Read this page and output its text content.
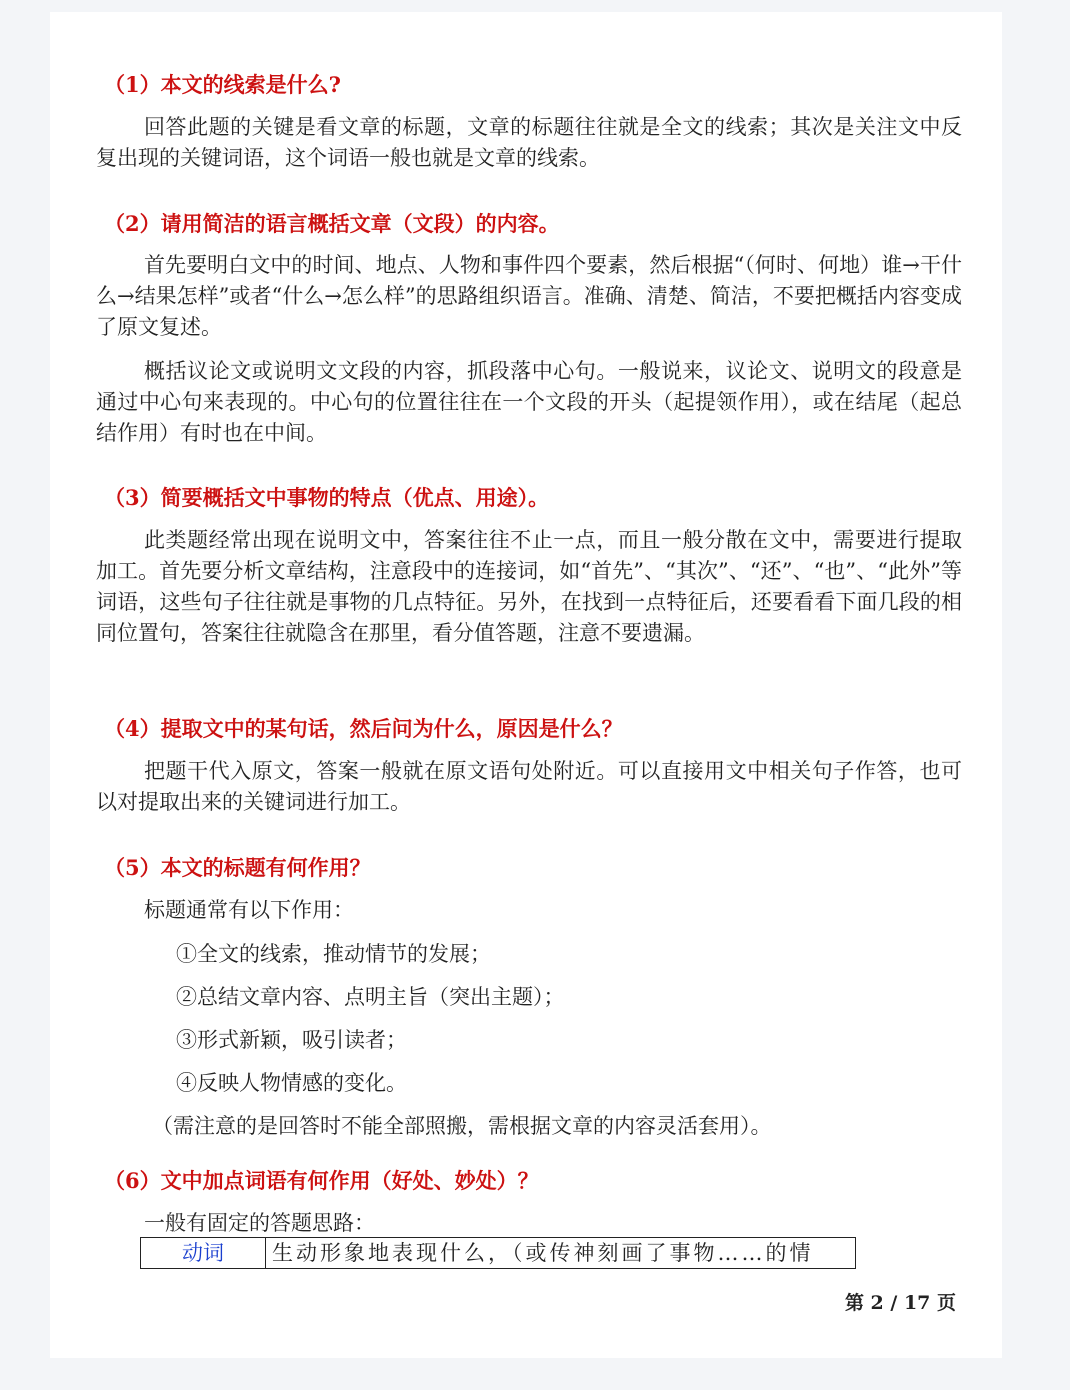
（1）本文的线索是什么?
回答此题的关键是看文章的标题，文章的标题往往就是全文的线索；其次是关注文中反复出现的关键词语，这个词语一般也就是文章的线索。
（2）请用简洁的语言概括文章（文段）的内容。
首先要明白文中的时间、地点、人物和事件四个要素，然后根据“（何时、何地）谁→干什么→结果怎样”或者“什么→怎么样”的思路组织语言。准确、清楚、简洁，不要把概括内容变成了原文复述。
概括议论文或说明文文段的内容，抓段落中心句。一般说来，议论文、说明文的段意是通过中心句来表现的。中心句的位置往往在一个文段的开头（起提领作用），或在结尾（起总结作用）有时也在中间。
（3）简要概括文中事物的特点（优点、用途）。
此类题经常出现在说明文中，答案往往不止一点，而且一般分散在文中，需要进行提取加工。首先要分析文章结构，注意段中的连接词，如“首先”、“其次”、“还”、“也”、“此外”等词语，这些句子往往就是事物的几点特征。另外，在找到一点特征后，还要看看下面几段的相同位置句，答案往往就隐含在那里，看分值答题，注意不要遗漏。
（4）提取文中的某句话，然后问为什么，原因是什么？
把题干代入原文，答案一般就在原文语句处附近。可以直接用文中相关句子作答，也可以对提取出来的关键词进行加工。
（5）本文的标题有何作用？
标题通常有以下作用：
①全文的线索，推动情节的发展；
②总结文章内容、点明主旨（突出主题）；
③形式新颖，吸引读者；
④反映人物情感的变化。
（需注意的是回答时不能全部照搬，需根据文章的内容灵活套用）。
（6）文中加点词语有何作用（好处、妙处）？
一般有固定的答题思路：
动词	生动形象地表现什么，（或传神刻画了事物……的情
第 2 / 17 页
